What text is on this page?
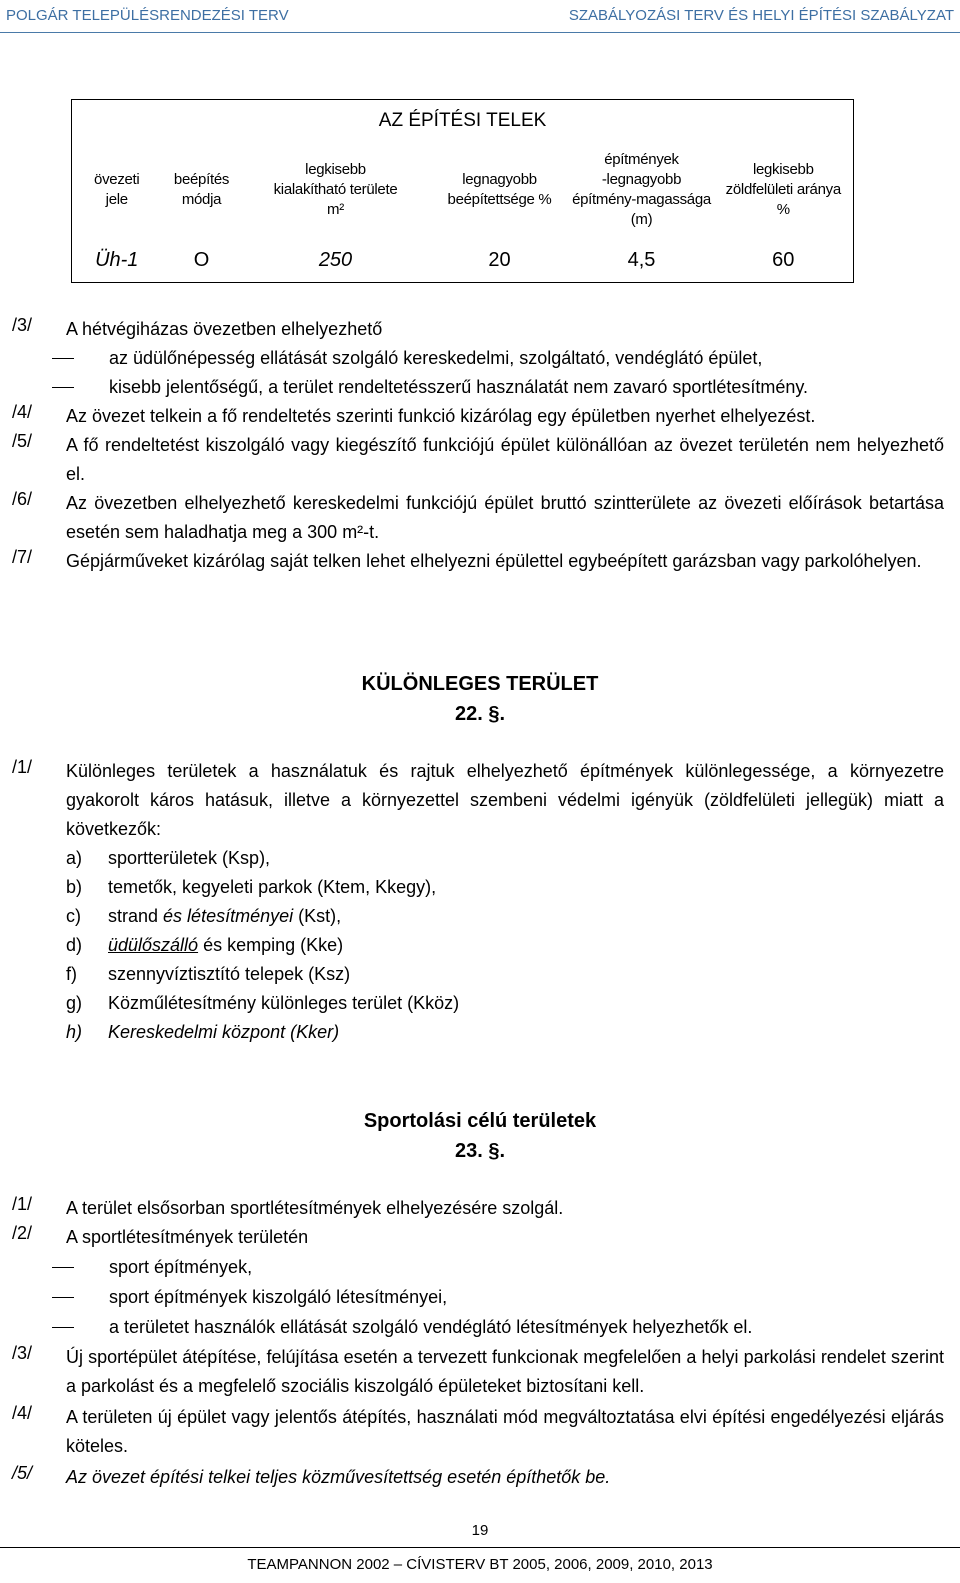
POLGÁR TELEPÜLÉSRENDEZÉSI TERV	SZABÁLYOZÁSI TERV ÉS HELYI ÉPÍTÉSI SZABÁLYZAT
AZ ÉPÍTÉSI TELEK					
övezeti
jele	beépítés
módja	legkisebb
kialakítható területe
m²	legnagyobb
beépítettsége %	építmények
-legnagyobb
építmény-magassága
(m)	legkisebb
zöldfelületi aránya
%
Üh-1	O	250	20	4,5	60
/3/ A hétvégiházas övezetben elhelyezhető
az üdülőnépesség ellátását szolgáló kereskedelmi, szolgáltató, vendéglátó épület,
kisebb jelentőségű, a terület rendeltetésszerű használatát nem zavaró sportlétesítmény.
/4/ Az övezet telkein a fő rendeltetés szerinti funkció kizárólag egy épületben nyerhet elhelyezést.
/5/ A fő rendeltetést kiszolgáló vagy kiegészítő funkciójú épület különállóan az övezet területén nem helyezhető el.
/6/ Az övezetben elhelyezhető kereskedelmi funkciójú épület bruttó szintterülete az övezeti előírások betartása esetén sem haladhatja meg a 300 m²-t.
/7/ Gépjárműveket kizárólag saját telken lehet elhelyezni épülettel egybeépített garázsban vagy parkolóhelyen.
KÜLÖNLEGES TERÜLET
22. §.
/1/ Különleges területek a használatuk és rajtuk elhelyezhető építmények különlegessége, a környezetre gyakorolt káros hatásuk, illetve a környezettel szembeni védelmi igényük (zöldfelületi jellegük) miatt a következők:
a) sportterületek (Ksp),
b) temetők, kegyeleti parkok (Ktem, Kkegy),
c) strand és létesítményei (Kst),
d) üdülőszálló és kemping (Kke)
f) szennyvíztisztító telepek (Ksz)
g) Közműlétesítmény különleges terület (Kköz)
h) Kereskedelmi központ (Kker)
Sportolási célú területek
23. §.
/1/ A terület elsősorban sportlétesítmények elhelyezésére szolgál.
/2/ A sportlétesítmények területén
sport építmények,
sport építmények kiszolgáló létesítményei,
a területet használók ellátását szolgáló vendéglátó létesítmények helyezhetők el.
/3/ Új sportépület átépítése, felújítása esetén a tervezett funkcionak megfelelően a helyi parkolási rendelet szerint a parkolást és a megfelelő szociális kiszolgáló épületeket biztosítani kell.
/4/ A területen új épület vagy jelentős átépítés, használati mód megváltoztatása elvi építési engedélyezési eljárás köteles.
/5/ Az övezet építési telkei teljes közművesítettség esetén építhetők be.
19
TEAMPANNON 2002 – CÍVISTERV BT 2005, 2006, 2009, 2010, 2013
